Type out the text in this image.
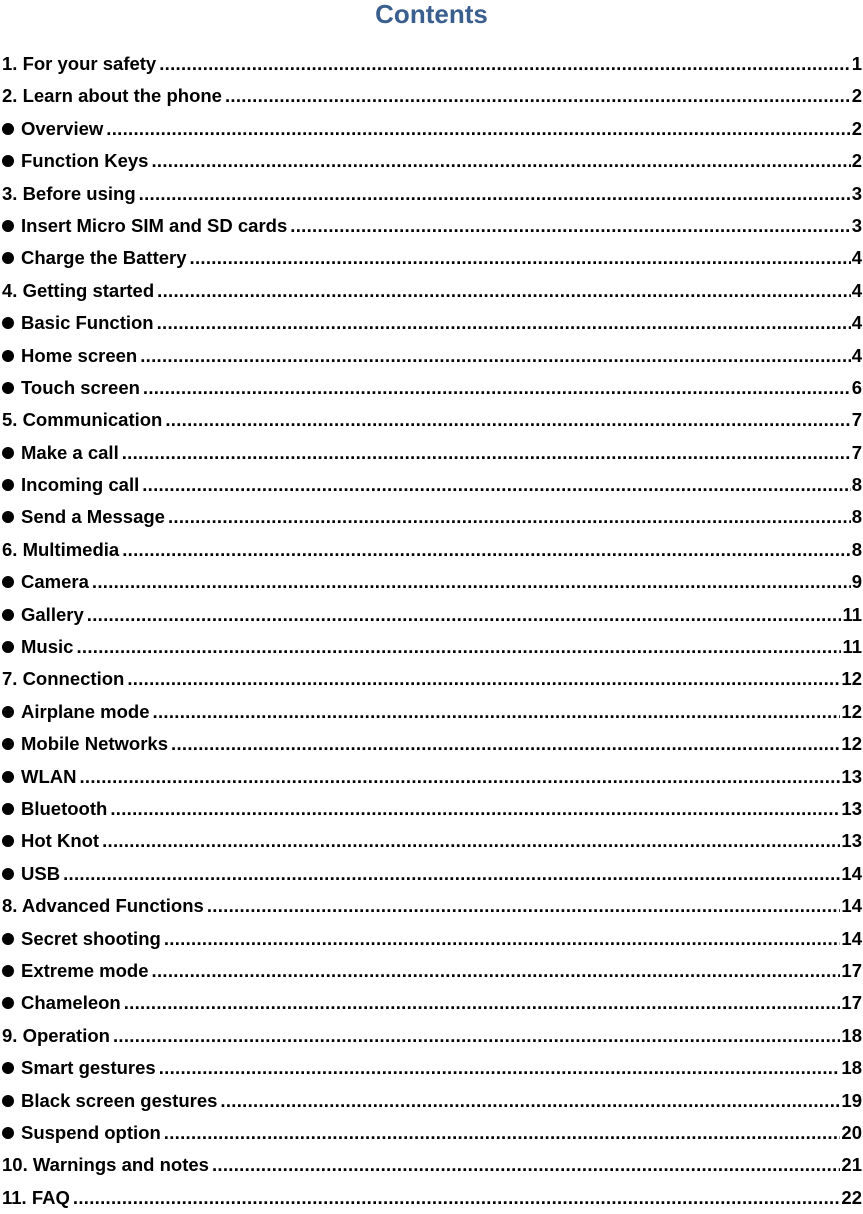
Contents
1. For your safety .....	1
2. Learn about the phone .....	2
Overview .....	2
Function Keys .....	2
3. Before using .....	3
Insert Micro SIM and SD cards .....	3
Charge the Battery .....	4
4. Getting started .....	4
Basic Function .....	4
Home screen .....	4
Touch screen .....	6
5. Communication .....	7
Make a call .....	7
Incoming call .....	8
Send a Message .....	8
6. Multimedia .....	8
Camera .....	9
Gallery .....	11
Music .....	11
7. Connection .....	12
Airplane mode .....	12
Mobile Networks .....	12
WLAN .....	13
Bluetooth .....	13
Hot Knot .....	13
USB .....	14
8. Advanced Functions .....	14
Secret shooting .....	14
Extreme mode .....	17
Chameleon .....	17
9. Operation .....	18
Smart gestures .....	18
Black screen gestures .....	19
Suspend option .....	20
10. Warnings and notes .....	21
11. FAQ .....	22
